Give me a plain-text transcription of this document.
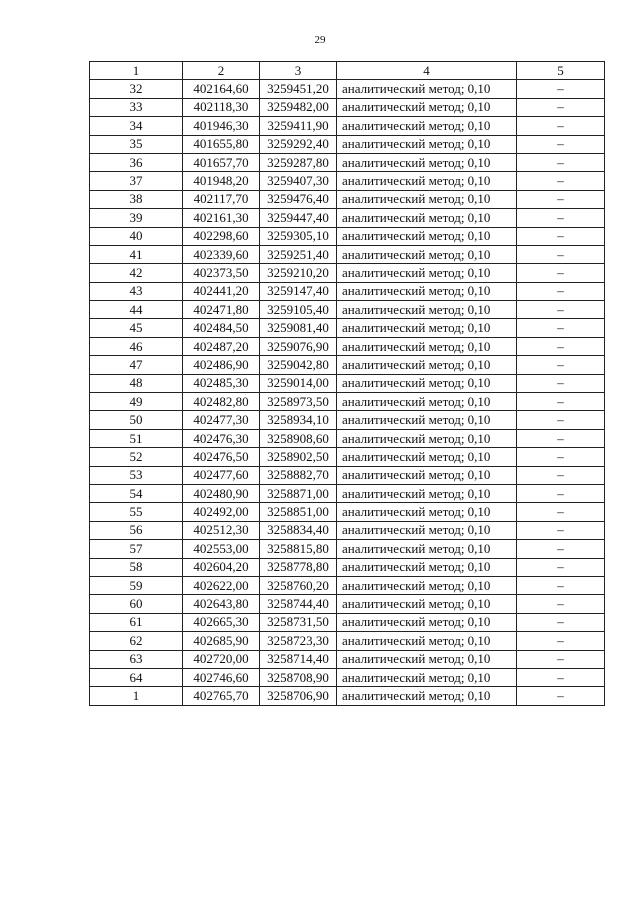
29
1	2	3	4	5
32	402164,60	3259451,20	аналитический метод; 0,10	–
33	402118,30	3259482,00	аналитический метод; 0,10	–
34	401946,30	3259411,90	аналитический метод; 0,10	–
35	401655,80	3259292,40	аналитический метод; 0,10	–
36	401657,70	3259287,80	аналитический метод; 0,10	–
37	401948,20	3259407,30	аналитический метод; 0,10	–
38	402117,70	3259476,40	аналитический метод; 0,10	–
39	402161,30	3259447,40	аналитический метод; 0,10	–
40	402298,60	3259305,10	аналитический метод; 0,10	–
41	402339,60	3259251,40	аналитический метод; 0,10	–
42	402373,50	3259210,20	аналитический метод; 0,10	–
43	402441,20	3259147,40	аналитический метод; 0,10	–
44	402471,80	3259105,40	аналитический метод; 0,10	–
45	402484,50	3259081,40	аналитический метод; 0,10	–
46	402487,20	3259076,90	аналитический метод; 0,10	–
47	402486,90	3259042,80	аналитический метод; 0,10	–
48	402485,30	3259014,00	аналитический метод; 0,10	–
49	402482,80	3258973,50	аналитический метод; 0,10	–
50	402477,30	3258934,10	аналитический метод; 0,10	–
51	402476,30	3258908,60	аналитический метод; 0,10	–
52	402476,50	3258902,50	аналитический метод; 0,10	–
53	402477,60	3258882,70	аналитический метод; 0,10	–
54	402480,90	3258871,00	аналитический метод; 0,10	–
55	402492,00	3258851,00	аналитический метод; 0,10	–
56	402512,30	3258834,40	аналитический метод; 0,10	–
57	402553,00	3258815,80	аналитический метод; 0,10	–
58	402604,20	3258778,80	аналитический метод; 0,10	–
59	402622,00	3258760,20	аналитический метод; 0,10	–
60	402643,80	3258744,40	аналитический метод; 0,10	–
61	402665,30	3258731,50	аналитический метод; 0,10	–
62	402685,90	3258723,30	аналитический метод; 0,10	–
63	402720,00	3258714,40	аналитический метод; 0,10	–
64	402746,60	3258708,90	аналитический метод; 0,10	–
1	402765,70	3258706,90	аналитический метод; 0,10	–
